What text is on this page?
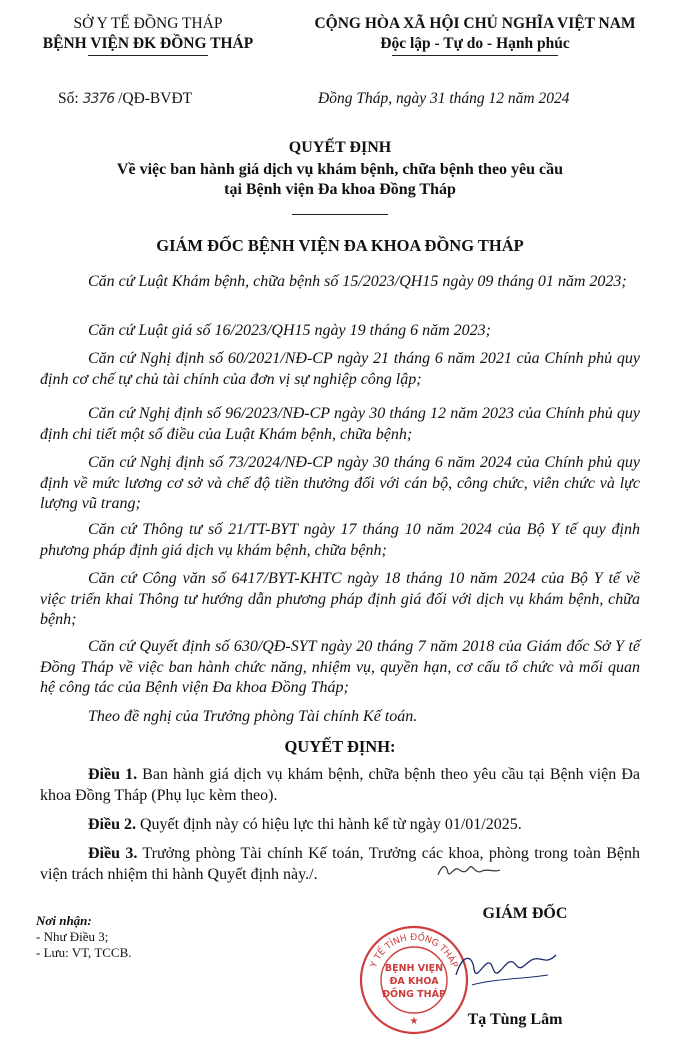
SỞ Y TẾ ĐỒNG THÁP
BỆNH VIỆN ĐK ĐỒNG THÁP
CỘNG HÒA XÃ HỘI CHỦ NGHĨA VIỆT NAM
Độc lập - Tự do - Hạnh phúc
Số: 3376 /QĐ-BVĐT	Đồng Tháp, ngày 31 tháng 12 năm 2024
QUYẾT ĐỊNH
Về việc ban hành giá dịch vụ khám bệnh, chữa bệnh theo yêu cầu
tại Bệnh viện Đa khoa Đồng Tháp
GIÁM ĐỐC BỆNH VIỆN ĐA KHOA ĐỒNG THÁP
Căn cứ Luật Khám bệnh, chữa bệnh số 15/2023/QH15 ngày 09 tháng 01 năm 2023;
Căn cứ Luật giá số 16/2023/QH15 ngày 19 tháng 6 năm 2023;
Căn cứ Nghị định số 60/2021/NĐ-CP ngày 21 tháng 6 năm 2021 của Chính phủ quy định cơ chế tự chủ tài chính của đơn vị sự nghiệp công lập;
Căn cứ Nghị định số 96/2023/NĐ-CP ngày 30 tháng 12 năm 2023 của Chính phủ quy định chi tiết một số điều của Luật Khám bệnh, chữa bệnh;
Căn cứ Nghị định số 73/2024/NĐ-CP ngày 30 tháng 6 năm 2024 của Chính phủ quy định về mức lương cơ sở và chế độ tiền thưởng đối với cán bộ, công chức, viên chức và lực lượng vũ trang;
Căn cứ Thông tư số 21/TT-BYT ngày 17 tháng 10 năm 2024 của Bộ Y tế quy định phương pháp định giá dịch vụ khám bệnh, chữa bệnh;
Căn cứ Công văn số 6417/BYT-KHTC ngày 18 tháng 10 năm 2024 của Bộ Y tế về việc triển khai Thông tư hướng dẫn phương pháp định giá đối với dịch vụ khám bệnh, chữa bệnh;
Căn cứ Quyết định số 630/QĐ-SYT ngày 20 tháng 7 năm 2018 của Giám đốc Sở Y tế Đồng Tháp về việc ban hành chức năng, nhiệm vụ, quyền hạn, cơ cấu tổ chức và mối quan hệ công tác của Bệnh viện Đa khoa Đồng Tháp;
Theo đề nghị của Trưởng phòng Tài chính Kế toán.
QUYẾT ĐỊNH:
Điều 1. Ban hành giá dịch vụ khám bệnh, chữa bệnh theo yêu cầu tại Bệnh viện Đa khoa Đồng Tháp (Phụ lục kèm theo).
Điều 2. Quyết định này có hiệu lực thi hành kể từ ngày 01/01/2025.
Điều 3. Trưởng phòng Tài chính Kế toán, Trưởng các khoa, phòng trong toàn Bệnh viện trách nhiệm thi hành Quyết định này./.
Nơi nhận:
- Như Điều 3;
- Lưu: VT, TCCB.
GIÁM ĐỐC
Y TẾ TỈNH ĐỒNG THÁP
BỆNH VIỆN
ĐA KHOA
ĐỒNG THÁP
★	Tạ Tùng Lâm
